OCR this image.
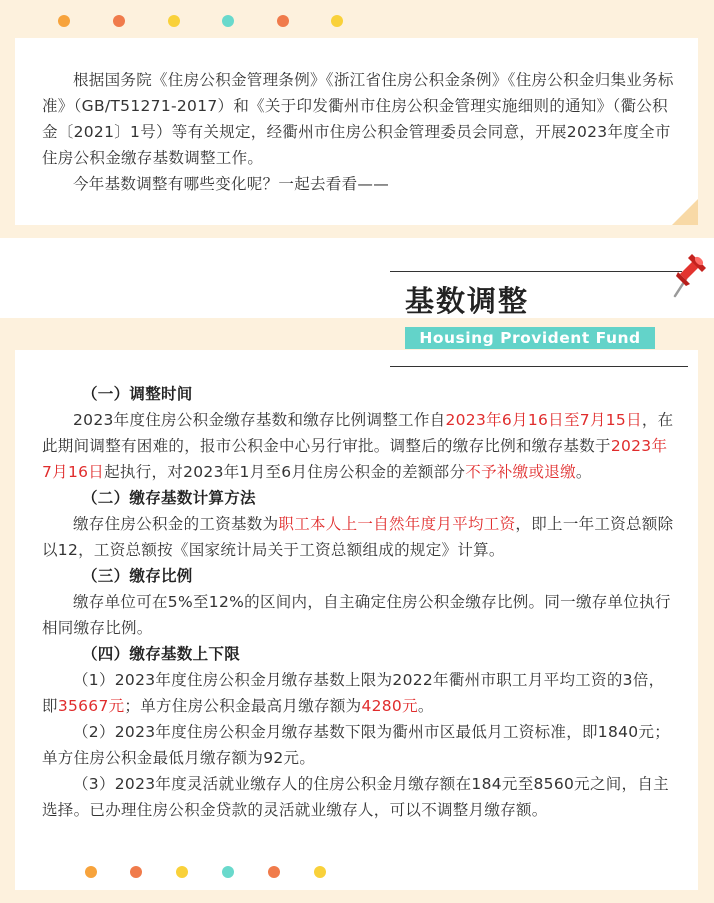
根据国务院《住房公积金管理条例》《浙江省住房公积金条例》《住房公积金归集业务标准》（GB/T51271-2017）和《关于印发衢州市住房公积金管理实施细则的通知》（衢公积金〔2021〕1号）等有关规定，经衢州市住房公积金管理委员会同意，开展2023年度全市住房公积金缴存基数调整工作。
今年基数调整有哪些变化呢？一起去看看——
基数调整
Housing Provident Fund
（一）调整时间
2023年度住房公积金缴存基数和缴存比例调整工作自2023年6月16日至7月15日，在此期间调整有困难的，报市公积金中心另行审批。调整后的缴存比例和缴存基数于2023年7月16日起执行，对2023年1月至6月住房公积金的差额部分不予补缴或退缴。
（二）缴存基数计算方法
缴存住房公积金的工资基数为职工本人上一自然年度月平均工资，即上一年工资总额除以12，工资总额按《国家统计局关于工资总额组成的规定》计算。
（三）缴存比例
缴存单位可在5%至12%的区间内，自主确定住房公积金缴存比例。同一缴存单位执行相同缴存比例。
（四）缴存基数上下限
（1）2023年度住房公积金月缴存基数上限为2022年衢州市职工月平均工资的3倍，即35667元；单方住房公积金最高月缴存额为4280元。
（2）2023年度住房公积金月缴存基数下限为衢州市区最低月工资标准，即1840元；单方住房公积金最低月缴存额为92元。
（3）2023年度灵活就业缴存人的住房公积金月缴存额在184元至8560元之间，自主选择。已办理住房公积金贷款的灵活就业缴存人，可以不调整月缴存额。
